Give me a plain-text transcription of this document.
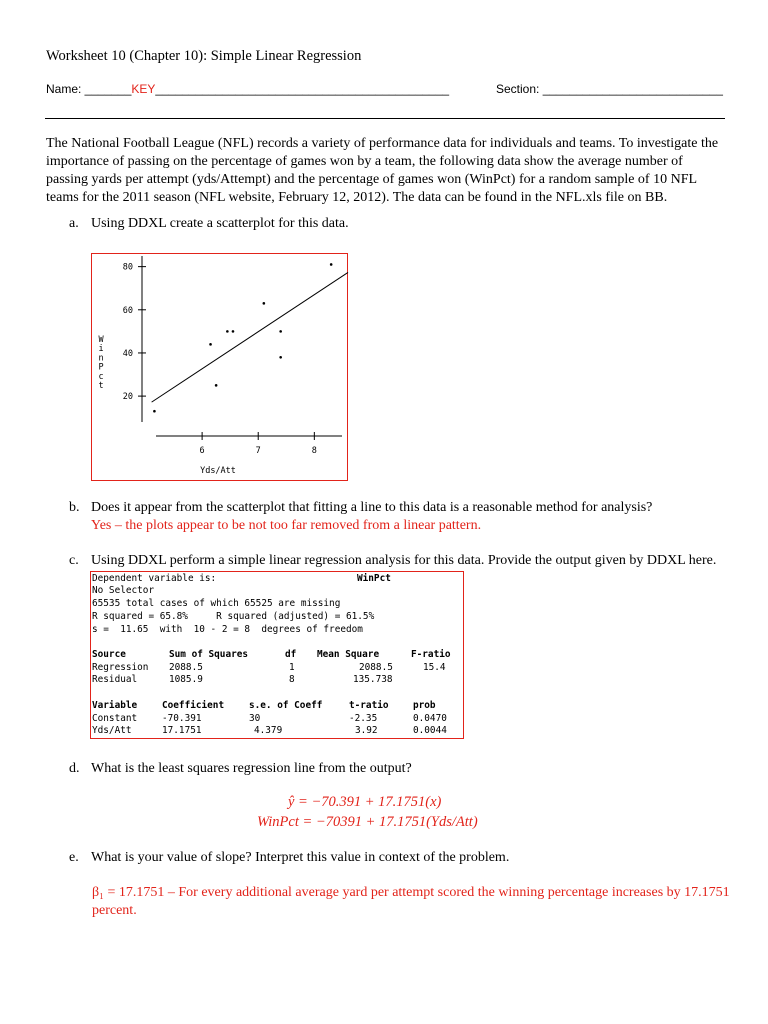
Worksheet 10 (Chapter 10): Simple Linear Regression
Name: _______KEY____________________________________________	Section: ___________________________
The National Football League (NFL) records a variety of performance data for individuals and teams. To investigate the importance of passing on the percentage of games won by a team, the following data show the average number of passing yards per attempt (yds/Attempt) and the percentage of games won (WinPct) for a random sample of 10 NFL teams for the 2011 season (NFL website, February 12, 2012). The data can be found in the NFL.xls file on BB.
a. Using DDXL create a scatterplot for this data.
20
40
60
80
6	7	8
Yds/Att
W
i
n
P
c
t
b. Does it appear from the scatterplot that fitting a line to this data is a reasonable method for analysis?
Yes – the plots appear to be not too far removed from a linear pattern.
c. Using DDXL perform a simple linear regression analysis for this data. Provide the output given by DDXL here.
Dependent variable is:	WinPct
No Selector
65535 total cases of which 65525 are missing
R squared = 65.8%     R squared (adjusted) = 61.5%
s =  11.65  with  10 - 2 = 8  degrees of freedom
Source	Sum of Squares	df Mean Square	F-ratio
Regression 2088.5	1	2088.5	15.4
Residual	1085.9	8	135.738
Variable	Coefficient	s.e. of Coeff	t-ratio	prob
Constant	-70.391	30	-2.35	0.0470
Yds/Att	17.1751	4.379	3.92	0.0044
d. What is the least squares regression line from the output?
ŷ = −70.391 + 17.1751(x)
WinPct = −70391 + 17.1751(Yds/Att)
e. What is your value of slope? Interpret this value in context of the problem.
β₁ = 17.1751 – For every additional average yard per attempt scored the winning percentage increases by 17.1751
percent.
